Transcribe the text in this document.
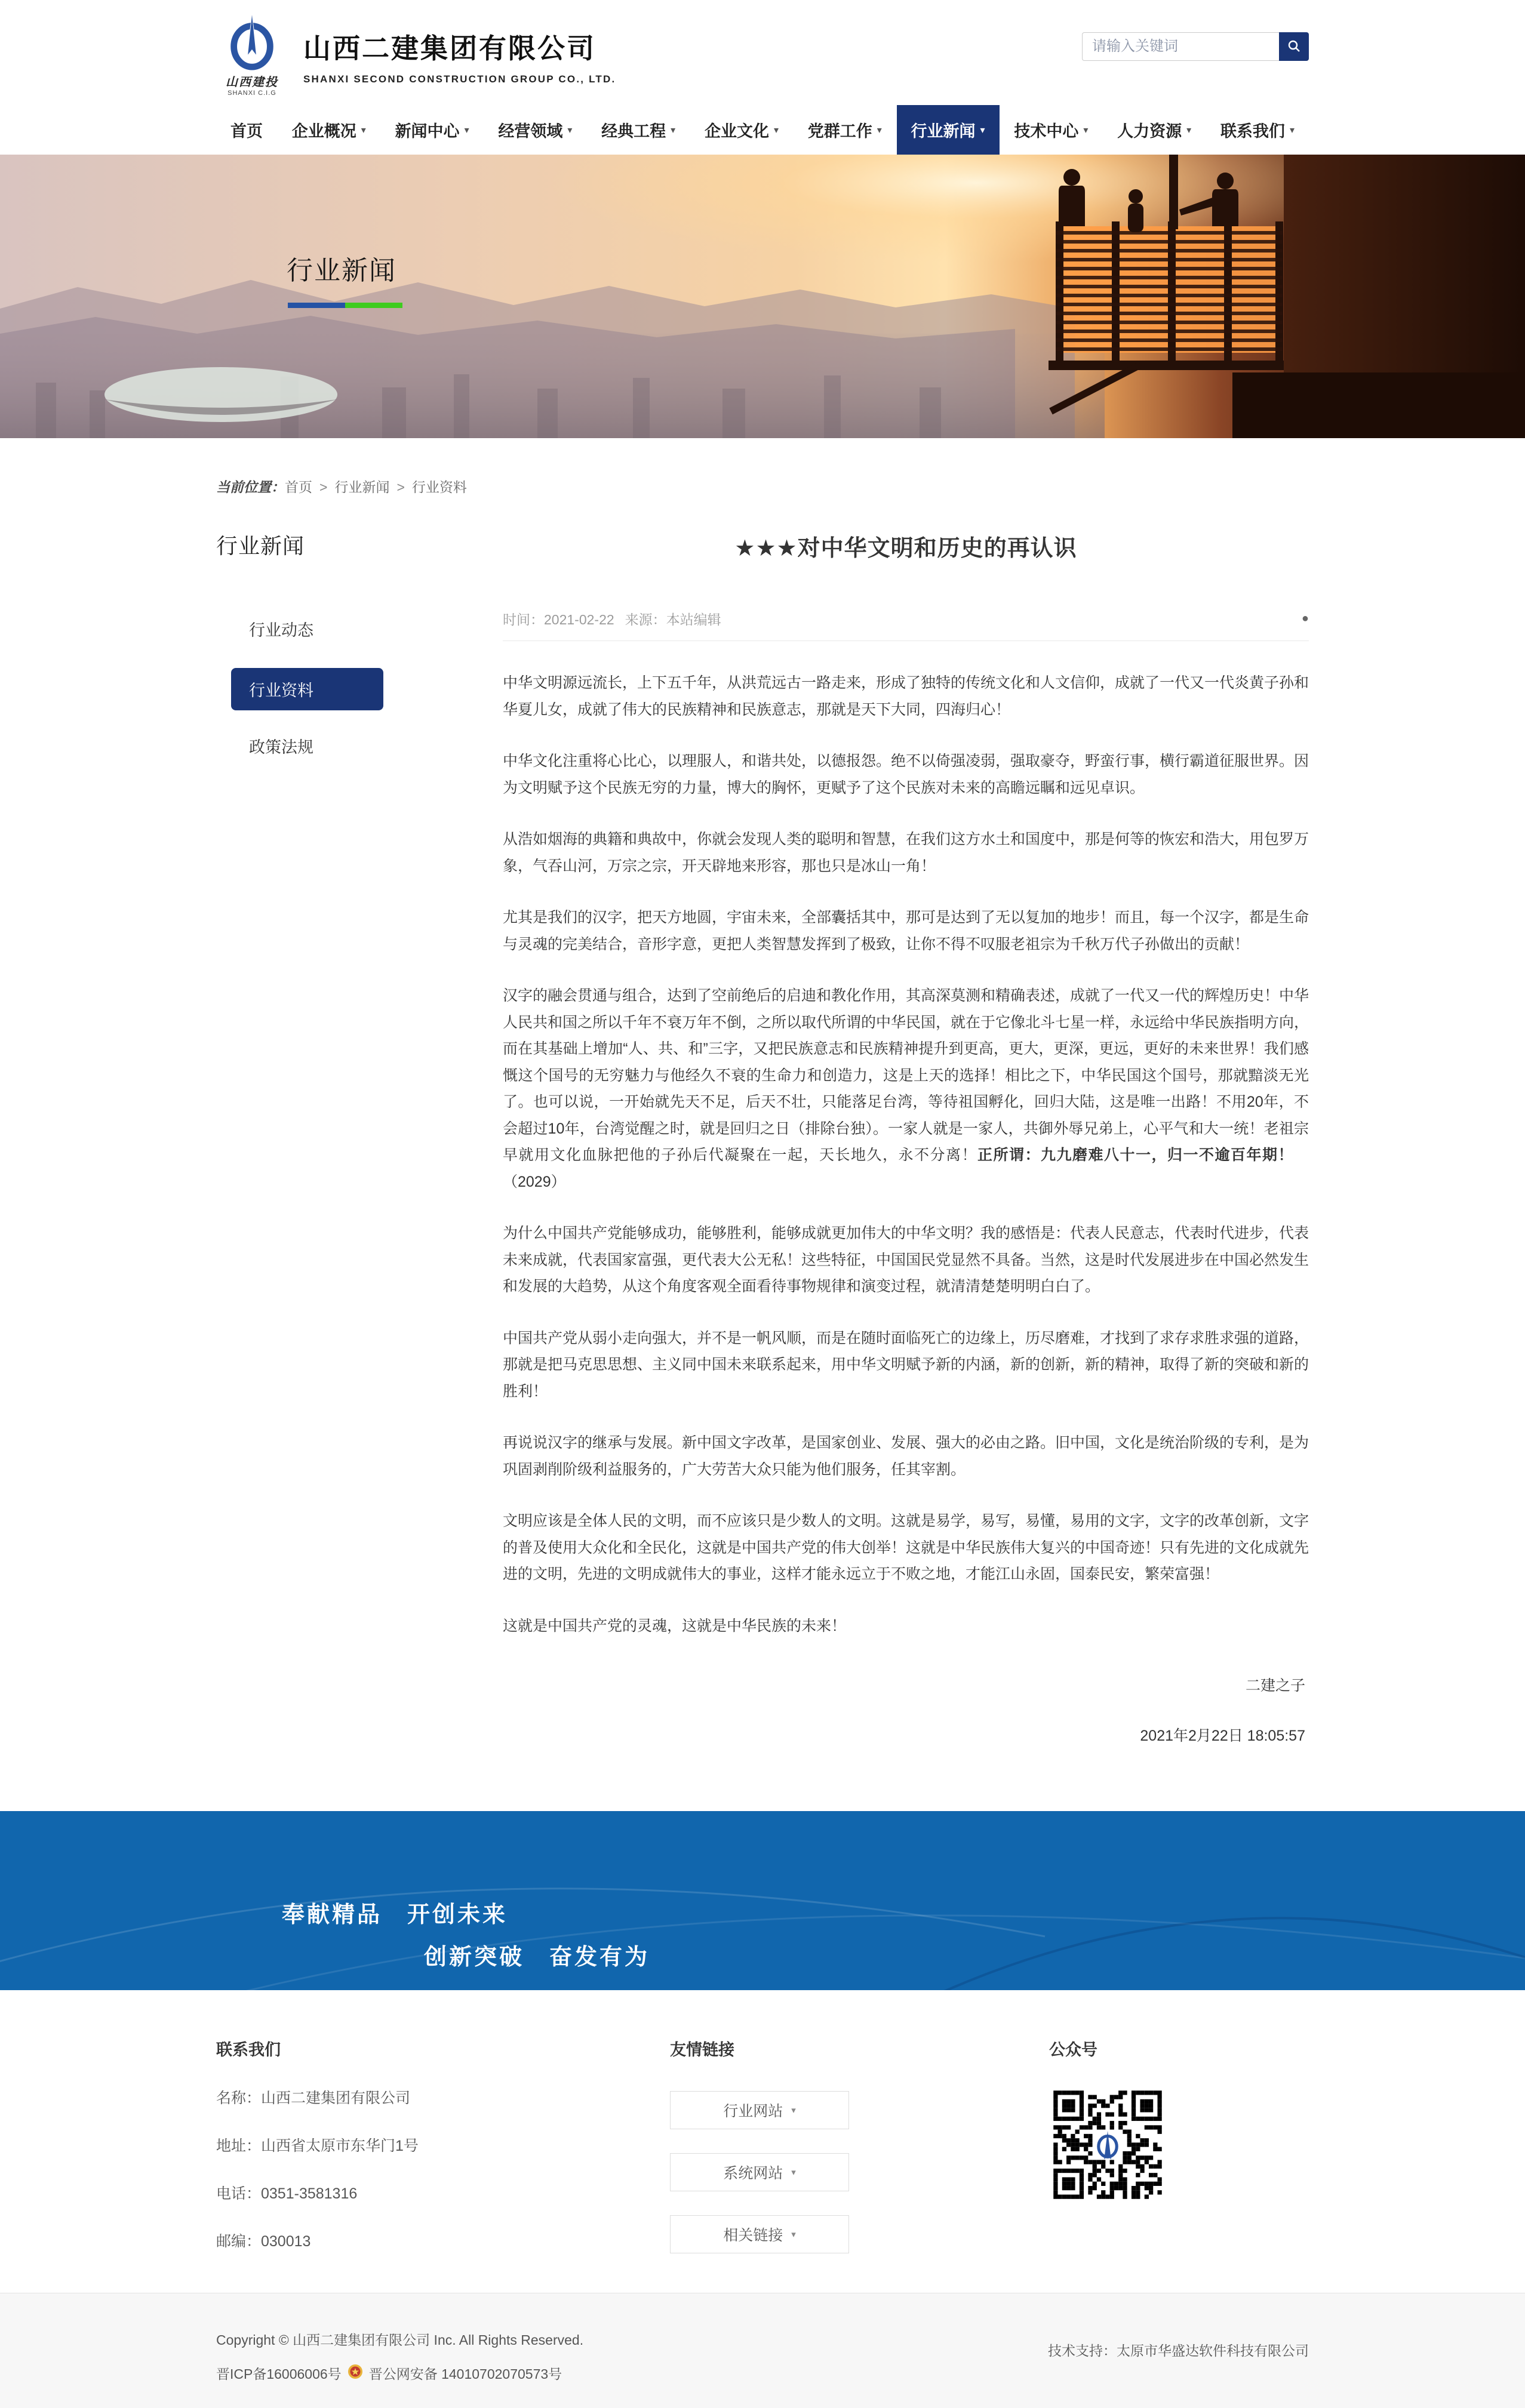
山西建投
SHANXI C.I.G
山西二建集团有限公司
SHANXI SECOND CONSTRUCTION GROUP CO., LTD.
请输入关键词
首页 企业概况 ▾ 新闻中心 ▾ 经营领域 ▾ 经典工程 ▾ 企业文化 ▾ 党群工作 ▾ 行业新闻 ▾ 技术中心 ▾ 人力资源 ▾ 联系我们 ▾
行业新闻
当前位置：首页 > 行业新闻 > 行业资料
行业新闻
行业动态
行业资料
政策法规
★★★对中华文明和历史的再认识
时间：2021-02-22 来源：本站编辑	●

中华文明源远流长，上下五千年，从洪荒远古一路走来，形成了独特的传统文化和人文信仰，成就了一代又一代炎黄子孙和华夏儿女，成就了伟大的民族精神和民族意志，那就是天下大同，四海归心！

中华文化注重将心比心，以理服人，和谐共处，以德报怨。绝不以倚强凌弱，强取豪夺，野蛮行事，横行霸道征服世界。因为文明赋予这个民族无穷的力量，博大的胸怀，更赋予了这个民族对未来的高瞻远瞩和远见卓识。

从浩如烟海的典籍和典故中，你就会发现人类的聪明和智慧，在我们这方水土和国度中，那是何等的恢宏和浩大，用包罗万象，气吞山河，万宗之宗，开天辟地来形容，那也只是冰山一角！

尤其是我们的汉字，把天方地圆，宇宙未来，全部囊括其中，那可是达到了无以复加的地步！而且，每一个汉字，都是生命与灵魂的完美结合，音形字意，更把人类智慧发挥到了极致，让你不得不叹服老祖宗为千秋万代子孙做出的贡献！

汉字的融会贯通与组合，达到了空前绝后的启迪和教化作用，其高深莫测和精确表述，成就了一代又一代的辉煌历史！中华人民共和国之所以千年不衰万年不倒，之所以取代所谓的中华民国，就在于它像北斗七星一样，永远给中华民族指明方向，而在其基础上增加“人、共、和”三字，又把民族意志和民族精神提升到更高，更大，更深，更远，更好的未来世界！我们感慨这个国号的无穷魅力与他经久不衰的生命力和创造力，这是上天的选择！相比之下，中华民国这个国号，那就黯淡无光了。也可以说，一开始就先天不足，后天不壮，只能落足台湾，等待祖国孵化，回归大陆，这是唯一出路！不用20年，不会超过10年，台湾觉醒之时，就是回归之日（排除台独）。一家人就是一家人，共御外辱兄弟上，心平气和大一统！老祖宗早就用文化血脉把他的子孙后代凝聚在一起，天长地久，永不分离！正所谓：九九磨难八十一，归一不逾百年期！　（2029）

为什么中国共产党能够成功，能够胜利，能够成就更加伟大的中华文明？我的感悟是：代表人民意志，代表时代进步，代表未来成就，代表国家富强，更代表大公无私！这些特征，中国国民党显然不具备。当然，这是时代发展进步在中国必然发生和发展的大趋势，从这个角度客观全面看待事物规律和演变过程，就清清楚楚明明白白了。

中国共产党从弱小走向强大，并不是一帆风顺，而是在随时面临死亡的边缘上，历尽磨难，才找到了求存求胜求强的道路，那就是把马克思思想、主义同中国未来联系起来，用中华文明赋予新的内涵，新的创新，新的精神，取得了新的突破和新的胜利！

再说说汉字的继承与发展。新中国文字改革，是国家创业、发展、强大的必由之路。旧中国，文化是统治阶级的专利，是为巩固剥削阶级利益服务的，广大劳苦大众只能为他们服务，任其宰割。

文明应该是全体人民的文明，而不应该只是少数人的文明。这就是易学，易写，易懂，易用的文字，文字的改革创新，文字的普及使用大众化和全民化，这就是中国共产党的伟大创举！这就是中华民族伟大复兴的中国奇迹！只有先进的文化成就先进的文明，先进的文明成就伟大的事业，这样才能永远立于不败之地，才能江山永固，国泰民安，繁荣富强！

这就是中国共产党的灵魂，这就是中华民族的未来！

二建之子
2021年2月22日 18:05:57
奉献精品　开创未来
创新突破　奋发有为
联系我们
名称：山西二建集团有限公司
地址：山西省太原市东华门1号
电话：0351-3581316
邮编：030013
友情链接
行业网站 ▾
系统网站 ▾
相关链接 ▾
公众号
技术支持：太原市华盛达软件科技有限公司
Copyright © 山西二建集团有限公司 Inc. All Rights Reserved.
晋ICP备16006006号 晋公网安备 14010702070573号
